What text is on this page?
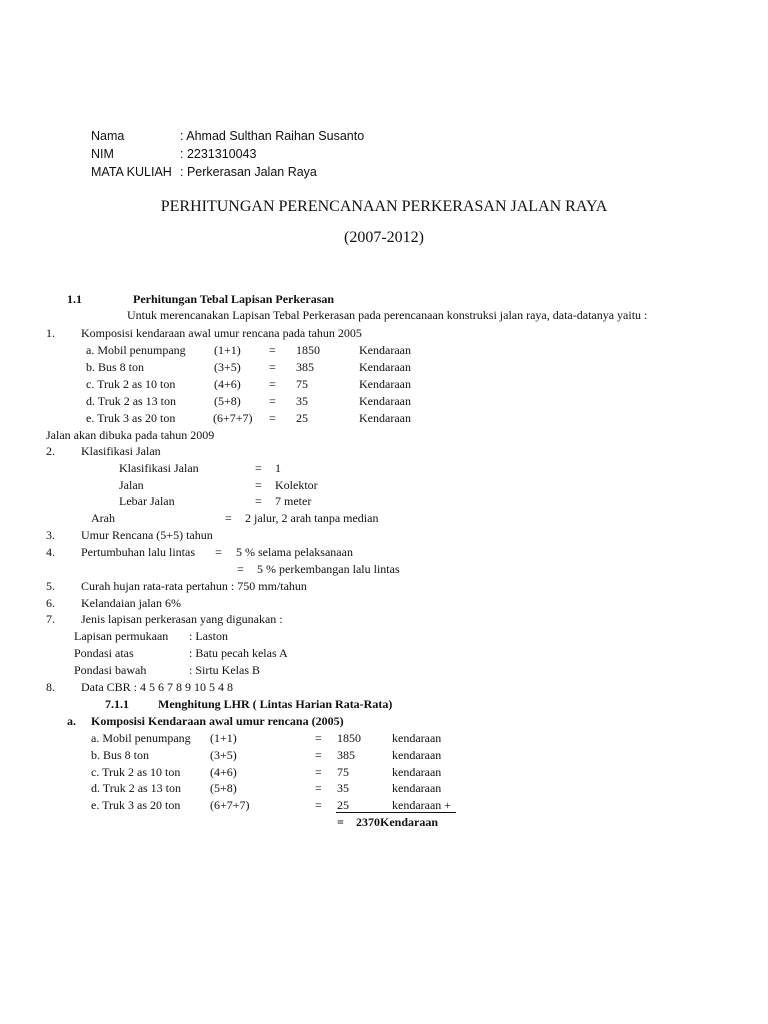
Nama	: Ahmad Sulthan Raihan Susanto
NIM	: 2231310043
MATA KULIAH : Perkerasan Jalan Raya
PERHITUNGAN PERENCANAAN PERKERASAN JALAN RAYA
(2007-2012)
1.1	Perhitungan Tebal Lapisan Perkerasan
Untuk merencanakan Lapisan Tebal Perkerasan pada perencanaan konstruksi jalan raya, data-datanya yaitu :
1. Komposisi kendaraan awal umur rencana pada tahun 2005
a. Mobil penumpang (1+1) = 1850	Kendaraan
b. Bus 8 ton	(3+5) = 385	Kendaraan
c. Truk 2 as 10 ton	(4+6) = 75	Kendaraan
d. Truk 2 as 13 ton	(5+8) = 35	Kendaraan
e. Truk 3 as 20 ton	(6+7+7) = 25	Kendaraan
Jalan akan dibuka pada tahun 2009
2. Klasifikasi Jalan
Klasifikasi Jalan	= 1
Jalan	= Kolektor
Lebar Jalan	= 7 meter
Arah	= 2 jalur, 2 arah tanpa median
3. Umur Rencana (5+5) tahun
4. Pertumbuhan lalu lintas = 5 % selama pelaksanaan
= 5 % perkembangan lalu lintas
5. Curah hujan rata-rata pertahun : 750 mm/tahun
6. Kelandaian jalan 6%
7. Jenis lapisan perkerasan yang digunakan :
Lapisan permukaan : Laston
Pondasi atas	: Batu pecah kelas A
Pondasi bawah	: Sirtu Kelas B
8. Data CBR : 4 5 6 7 8 9 10 5 4 8
7.1.1 Menghitung LHR ( Lintas Harian Rata-Rata)
a. Komposisi Kendaraan awal umur rencana (2005)
a. Mobil penumpang (1+1)	= 1850	kendaraan
b. Bus 8 ton	(3+5)	= 385	kendaraan
c. Truk 2 as 10 ton (4+6)	= 75	kendaraan
d. Truk 2 as 13 ton (5+8)	= 35	kendaraan
e. Truk 3 as 20 ton (6+7+7)	= 25	kendaraan +
= 2370Kendaraan
